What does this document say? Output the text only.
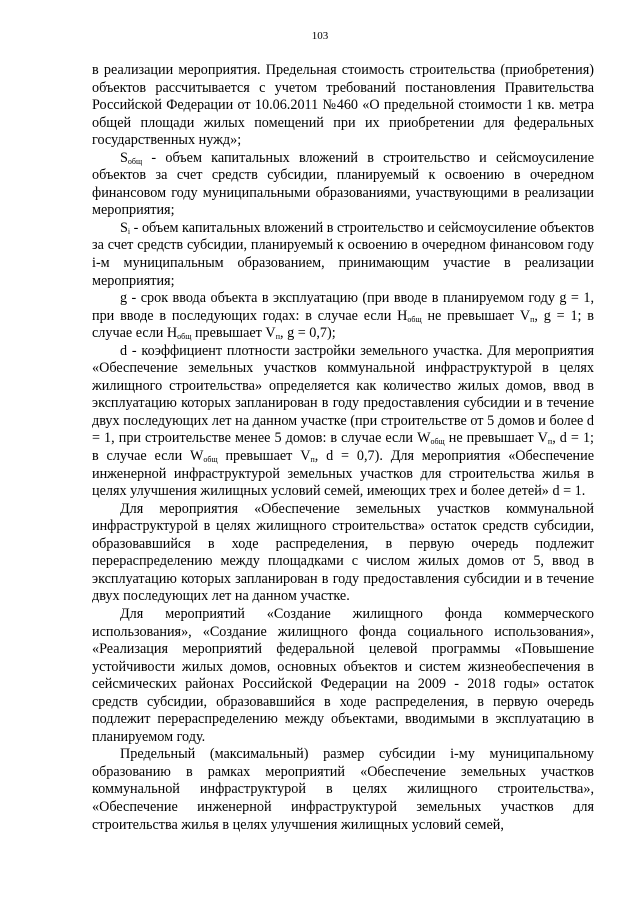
103

в реализации мероприятия. Предельная стоимость строительства (приобретения) объектов рассчитывается с учетом требований постановления Правительства Российской Федерации от 10.06.2011 №460 «О предельной стоимости 1 кв. метра общей площади жилых помещений при их приобретении для федеральных государственных нужд»;

$S_{общ}$ - объем капитальных вложений в строительство и сейсмоусиление объектов за счет средств субсидии, планируемый к освоению в очередном финансовом году муниципальными образованиями, участвующими в реализации мероприятия;

$S_i$ - объем капитальных вложений в строительство и сейсмоусиление объектов за счет средств субсидии, планируемый к освоению в очередном финансовом году i-м муниципальным образованием, принимающим участие в реализации мероприятия;

g - срок ввода объекта в эксплуатацию (при вводе в планируемом году g = 1, при вводе в последующих годах: в случае если $Н_{общ}$ не превышает $V_п$, g = 1; в случае если $Н_{общ}$ превышает $V_п$, g = 0,7);

d - коэффициент плотности застройки земельного участка. Для мероприятия «Обеспечение земельных участков коммунальной инфраструктурой в целях жилищного строительства» определяется как количество жилых домов, ввод в эксплуатацию которых запланирован в году предоставления субсидии и в течение двух последующих лет на данном участке (при строительстве от 5 домов и более d = 1, при строительстве менее 5 домов: в случае если $W_{общ}$ не превышает $V_п$, d = 1; в случае если $W_{общ}$ превышает $V_п$, d = 0,7). Для мероприятия «Обеспечение инженерной инфраструктурой земельных участков для строительства жилья в целях улучшения жилищных условий семей, имеющих трех и более детей» d = 1.

Для мероприятия «Обеспечение земельных участков коммунальной инфраструктурой в целях жилищного строительства» остаток средств субсидии, образовавшийся в ходе распределения, в первую очередь подлежит перераспределению между площадками с числом жилых домов от 5, ввод в эксплуатацию которых запланирован в году предоставления субсидии и в течение двух последующих лет на данном участке.

Для мероприятий «Создание жилищного фонда коммерческого использования», «Создание жилищного фонда социального использования», «Реализация мероприятий федеральной целевой программы «Повышение устойчивости жилых домов, основных объектов и систем жизнеобеспечения в сейсмических районах Российской Федерации на 2009 - 2018 годы» остаток средств субсидии, образовавшийся в ходе распределения, в первую очередь подлежит перераспределению между объектами, вводимыми в эксплуатацию в планируемом году.

Предельный (максимальный) размер субсидии i-му муниципальному образованию в рамках мероприятий «Обеспечение земельных участков коммунальной инфраструктурой в целях жилищного строительства», «Обеспечение инженерной инфраструктурой земельных участков для строительства жилья в целях улучшения жилищных условий семей,
